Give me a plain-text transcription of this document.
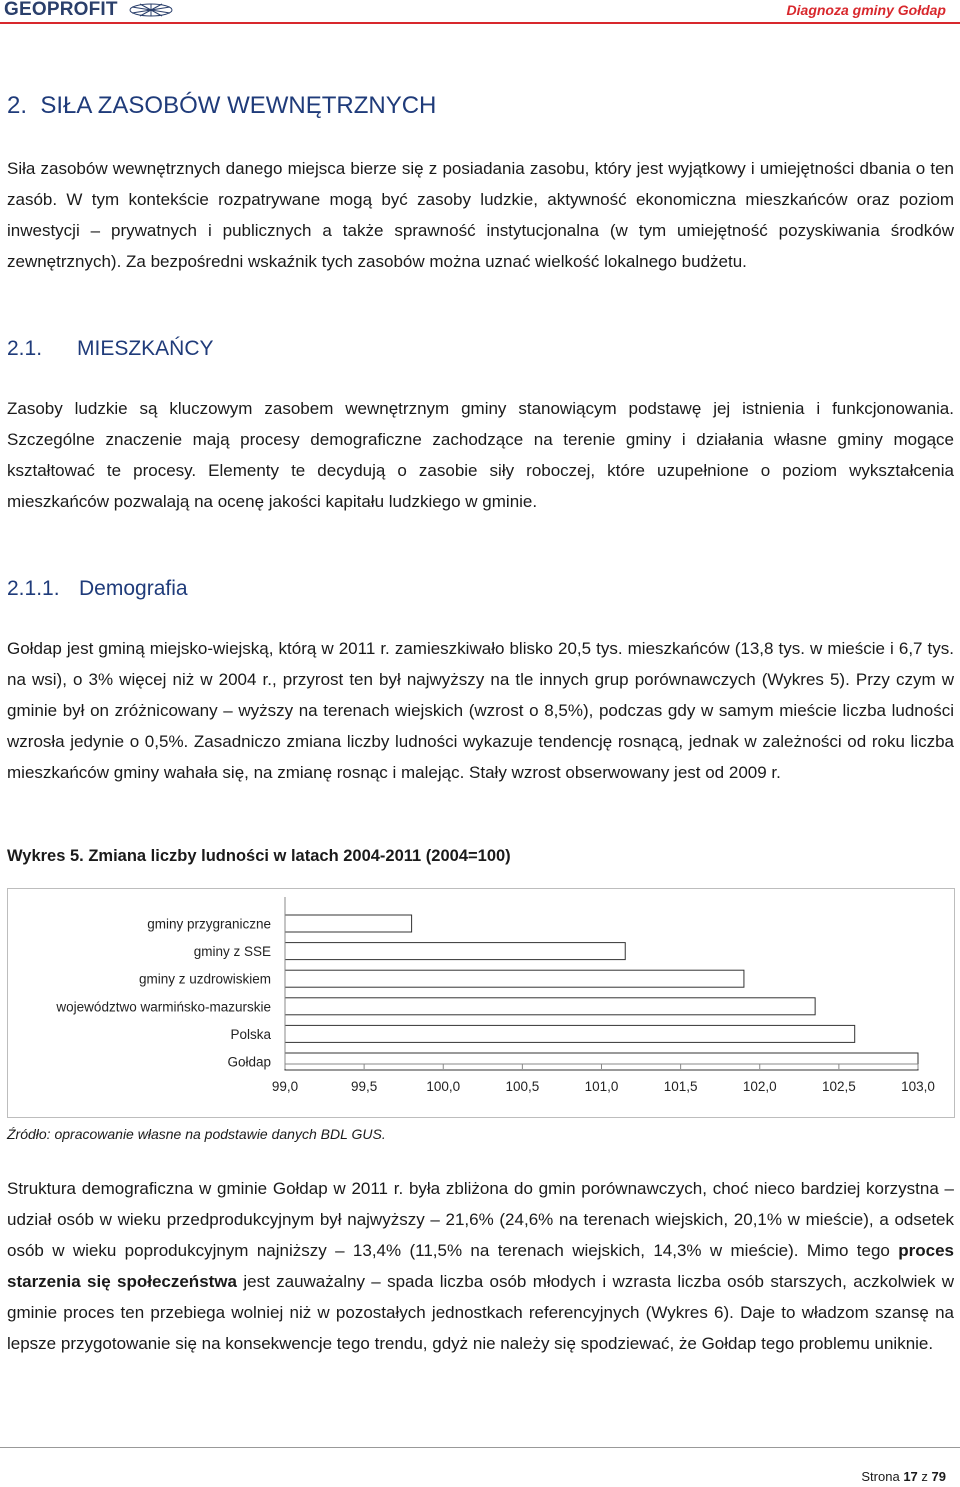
GEOPROFIT	Diagnoza gminy Gołdap
2. SIŁA ZASOBÓW WEWNĘTRZNYCH
Siła zasobów wewnętrznych danego miejsca bierze się z posiadania zasobu, który jest wyjątkowy i umiejętności dbania o ten zasób. W tym kontekście rozpatrywane mogą być zasoby ludzkie, aktywność ekonomiczna mieszkańców oraz poziom inwestycji – prywatnych i publicznych a także sprawność instytucjonalna (w tym umiejętność pozyskiwania środków zewnętrznych). Za bezpośredni wskaźnik tych zasobów można uznać wielkość lokalnego budżetu.
2.1. MIESZKAŃCY
Zasoby ludzkie są kluczowym zasobem wewnętrznym gminy stanowiącym podstawę jej istnienia i funkcjonowania. Szczególne znaczenie mają procesy demograficzne zachodzące na terenie gminy i działania własne gminy mogące kształtować te procesy. Elementy te decydują o zasobie siły roboczej, które uzupełnione o poziom wykształcenia mieszkańców pozwalają na ocenę jakości kapitału ludzkiego w gminie.
2.1.1. Demografia
Gołdap jest gminą miejsko-wiejską, którą w 2011 r. zamieszkiwało blisko 20,5 tys. mieszkańców (13,8 tys. w mieście i 6,7 tys. na wsi), o 3% więcej niż w 2004 r., przyrost ten był najwyższy na tle innych grup porównawczych (Wykres 5). Przy czym w gminie był on zróżnicowany – wyższy na terenach wiejskich (wzrost o 8,5%), podczas gdy w samym mieście liczba ludności wzrosła jedynie o 0,5%. Zasadniczo zmiana liczby ludności wykazuje tendencję rosnącą, jednak w zależności od roku liczba mieszkańców gminy wahała się, na zmianę rosnąc i malejąc. Stały wzrost obserwowany jest od 2009 r.
Wykres 5. Zmiana liczby ludności w latach 2004-2011 (2004=100)
gminy przygraniczne
gminy z SSE
gminy z uzdrowiskiem
województwo warmińsko-mazurskie
Polska
Gołdap
99,0	99,5	100,0	100,5	101,0	101,5	102,0	102,5	103,0
Źródło: opracowanie własne na podstawie danych BDL GUS.
Struktura demograficzna w gminie Gołdap w 2011 r. była zbliżona do gmin porównawczych, choć nieco bardziej korzystna – udział osób w wieku przedprodukcyjnym był najwyższy – 21,6% (24,6% na terenach wiejskich, 20,1% w mieście), a odsetek osób w wieku poprodukcyjnym najniższy – 13,4% (11,5% na terenach wiejskich, 14,3% w mieście). Mimo tego proces starzenia się społeczeństwa jest zauważalny – spada liczba osób młodych i wzrasta liczba osób starszych, aczkolwiek w gminie proces ten przebiega wolniej niż w pozostałych jednostkach referencyjnych (Wykres 6). Daje to władzom szansę na lepsze przygotowanie się na konsekwencje tego trendu, gdyż nie należy się spodziewać, że Gołdap tego problemu uniknie.
Strona 17 z 79
